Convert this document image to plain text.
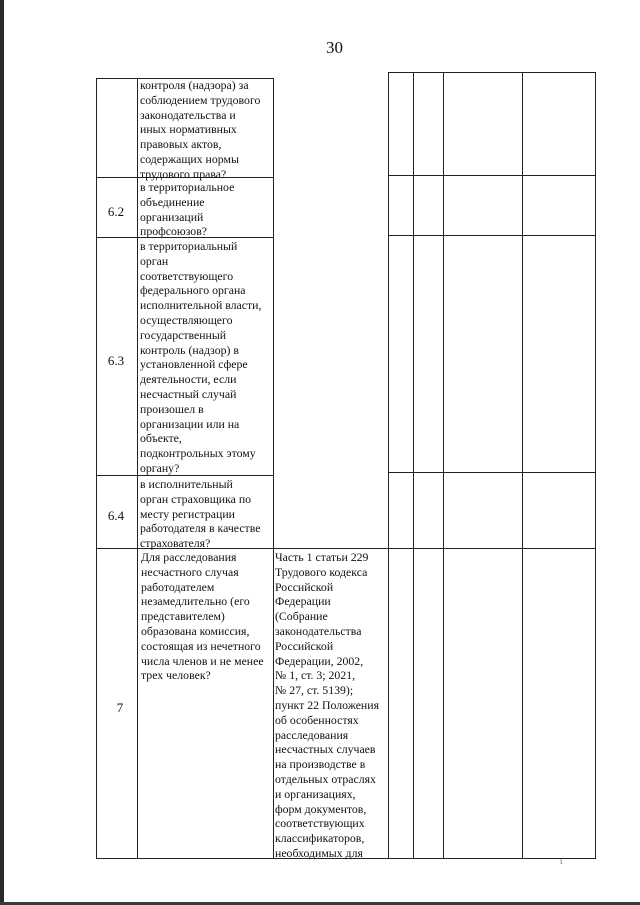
30
контроля (надзора) за
соблюдением трудового
законодательства и
иных нормативных
правовых актов,
содержащих нормы
трудового права?
6.2
в территориальное
объединение
организаций
профсоюзов?
6.3
в территориальный
орган
соответствующего
федерального органа
исполнительной власти,
осуществляющего
государственный
контроль (надзор) в
установленной сфере
деятельности, если
несчастный случай
произошел в
организации или на
объекте,
подконтрольных этому
органу?
6.4
в исполнительный
орган страховщика по
месту регистрации
работодателя в качестве
страхователя?
7
Для расследования
несчастного случая
работодателем
незамедлительно (его
представителем)
образована комиссия,
состоящая из нечетного
числа членов и не менее
трех человек?
Часть 1 статьи 229
Трудового кодекса
Российской
Федерации
(Собрание
законодательства
Российской
Федерации, 2002,
№ 1, ст. 3; 2021,
№ 27, ст. 5139);
пункт 22 Положения
об особенностях
расследования
несчастных случаев
на производстве в
отдельных отраслях
и организациях,
форм документов,
соответствующих
классификаторов,
необходимых для
ι
